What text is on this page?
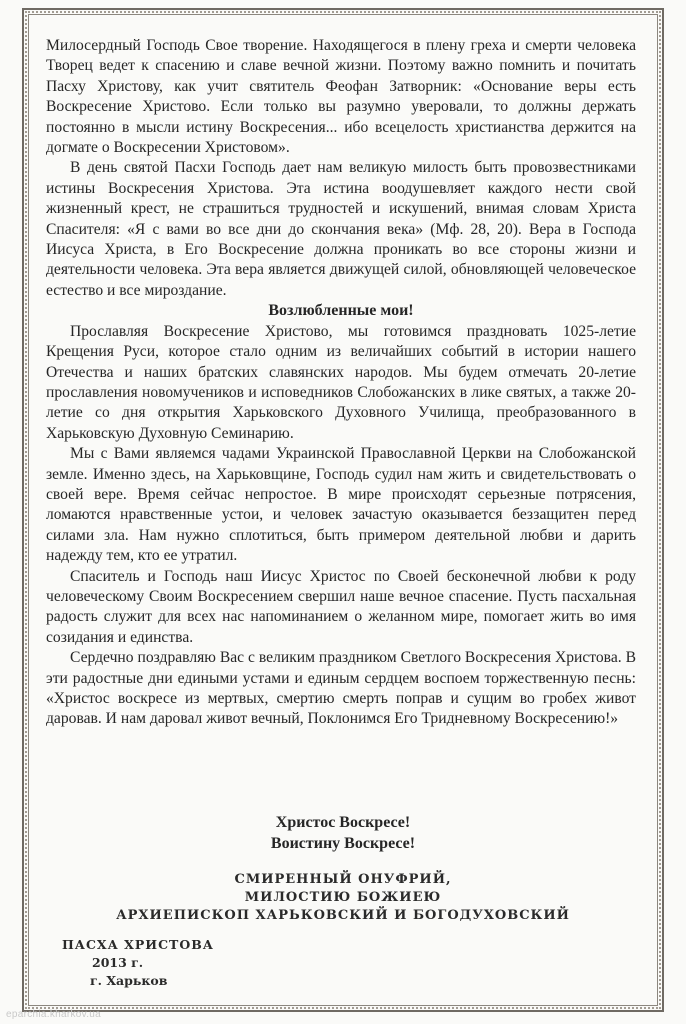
Милосердный Господь Свое творение. Находящегося в плену греха и смерти человека Творец ведет к спасению и славе вечной жизни. Поэтому важно помнить и почитать Пасху Христову, как учит святитель Феофан Затворник: «Основание веры есть Воскресение Христово. Если только вы разумно уверовали, то должны держать постоянно в мысли истину Воскресения... ибо всецелость христианства держится на догмате о Воскресении Христовом».

В день святой Пасхи Господь дает нам великую милость быть провозвестниками истины Воскресения Христова. Эта истина воодушевляет каждого нести свой жизненный крест, не страшиться трудностей и искушений, внимая словам Христа Спасителя: «Я с вами во все дни до скончания века» (Мф. 28, 20). Вера в Господа Иисуса Христа, в Его Воскресение должна проникать во все стороны жизни и деятельности человека. Эта вера является движущей силой, обновляющей человеческое естество и все мироздание.

Возлюбленные мои!

Прославляя Воскресение Христово, мы готовимся праздновать 1025-летие Крещения Руси, которое стало одним из величайших событий в истории нашего Отечества и наших братских славянских народов. Мы будем отмечать 20-летие прославления новомучеников и исповедников Слобожанских в лике святых, а также 20-летие со дня открытия Харьковского Духовного Училища, преобразованного в Харьковскую Духовную Семинарию.

Мы с Вами являемся чадами Украинской Православной Церкви на Слобожанской земле. Именно здесь, на Харьковщине, Господь судил нам жить и свидетельствовать о своей вере. Время сейчас непростое. В мире происходят серьезные потрясения, ломаются нравственные устои, и человек зачастую оказывается беззащитен перед силами зла. Нам нужно сплотиться, быть примером деятельной любви и дарить надежду тем, кто ее утратил.

Спаситель и Господь наш Иисус Христос по Своей бесконечной любви к роду человеческому Своим Воскресением свершил наше вечное спасение. Пусть пасхальная радость служит для всех нас напоминанием о желанном мире, помогает жить во имя созидания и единства.

Сердечно поздравляю Вас с великим праздником Светлого Воскресения Христова. В эти радостные дни едиными устами и единым сердцем воспоем торжественную песнь: «Христос воскресе из мертвых, смертию смерть поправ и сущим во гробех живот даровав. И нам даровал живот вечный, Поклонимся Его Тридневному Воскресению!»

Христос Воскресе!
Воистину Воскресе!
СМИРЕННЫЙ ОНУФРИЙ,
МИЛОСТИЮ БОЖИЕЮ
АРХИЕПИСКОП ХАРЬКОВСКИЙ И БОГОДУХОВСКИЙ
ПАСХА ХРИСТОВА
2013 г.
г. Харьков
eparchia.kharkov.ua
